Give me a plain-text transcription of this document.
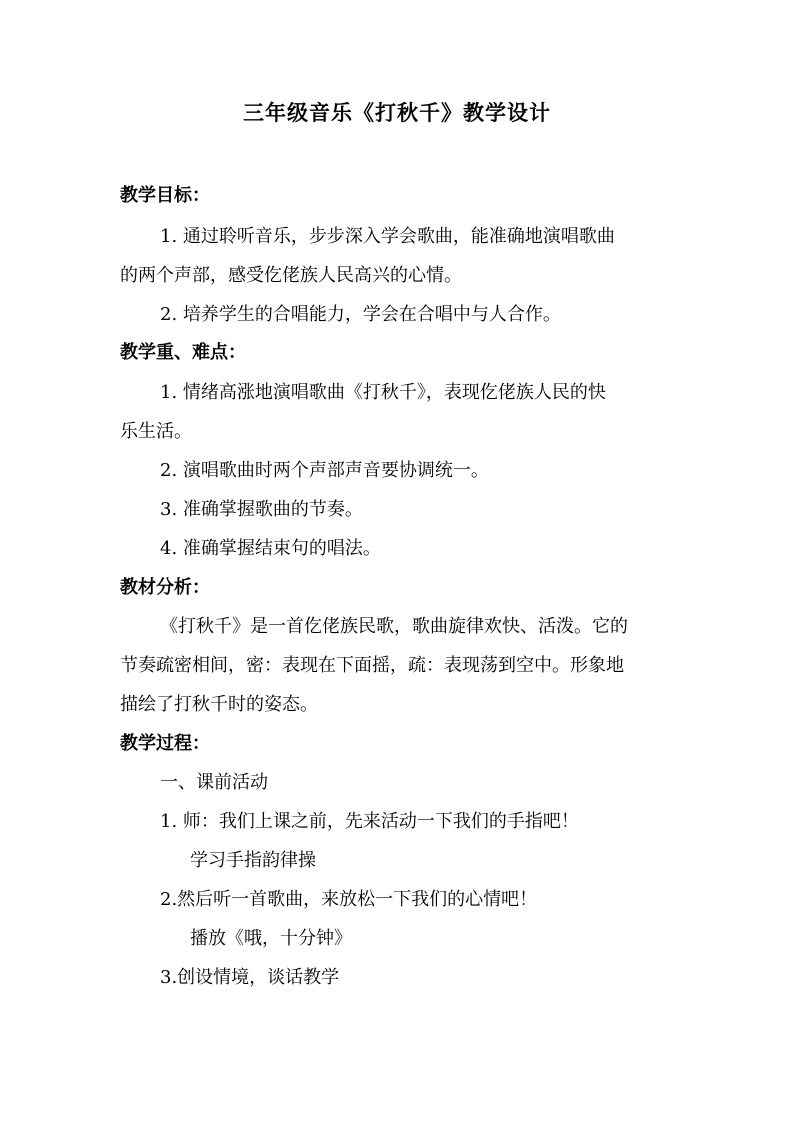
三年级音乐《打秋千》教学设计
教学目标：
1. 通过聆听音乐，步步深入学会歌曲，能准确地演唱歌曲
的两个声部，感受仡佬族人民高兴的心情。
2. 培养学生的合唱能力，学会在合唱中与人合作。
教学重、难点：
1. 情绪高涨地演唱歌曲《打秋千》，表现仡佬族人民的快
乐生活。
2. 演唱歌曲时两个声部声音要协调统一。
3. 准确掌握歌曲的节奏。
4. 准确掌握结束句的唱法。
教材分析：
《打秋千》是一首仡佬族民歌，歌曲旋律欢快、活泼。它的
节奏疏密相间，密：表现在下面摇，疏：表现荡到空中。形象地
描绘了打秋千时的姿态。
教学过程：
一、课前活动
1. 师：我们上课之前，先来活动一下我们的手指吧！
学习手指韵律操
2.然后听一首歌曲，来放松一下我们的心情吧！
播放《哦，十分钟》
3.创设情境，谈话教学
